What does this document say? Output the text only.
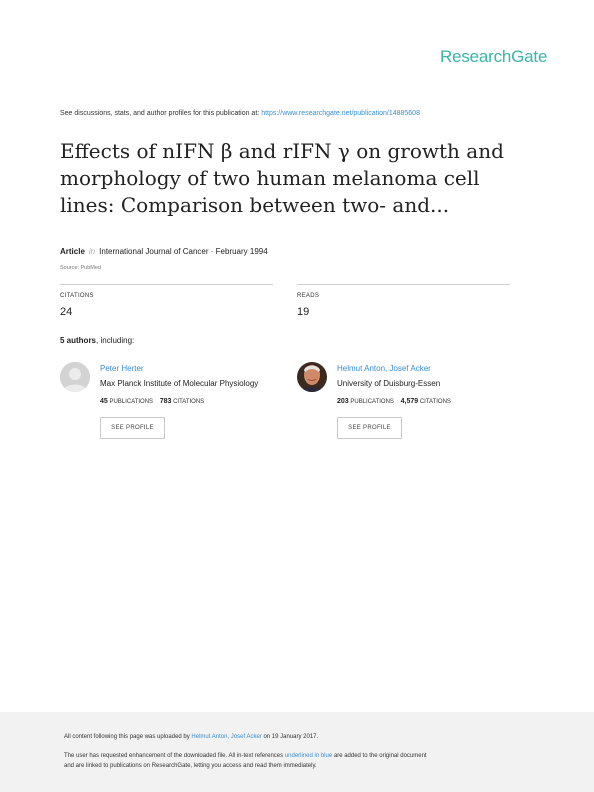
ResearchGate
See discussions, stats, and author profiles for this publication at: https://www.researchgate.net/publication/14885608
Effects of nIFN β and rIFN γ on growth and morphology of two human melanoma cell lines: Comparison between two- and...
Article in International Journal of Cancer · February 1994
Source: PubMed
CITATIONS
24
READS
19
5 authors, including:
Peter Herter
Max Planck Institute of Molecular Physiology
45 PUBLICATIONS 783 CITATIONS
SEE PROFILE
Helmut Anton, Josef Acker
University of Duisburg-Essen
203 PUBLICATIONS 4,579 CITATIONS
SEE PROFILE
All content following this page was uploaded by Helmut Anton, Josef Acker on 19 January 2017.
The user has requested enhancement of the downloaded file. All in-text references underlined in blue are added to the original document
and are linked to publications on ResearchGate, letting you access and read them immediately.
